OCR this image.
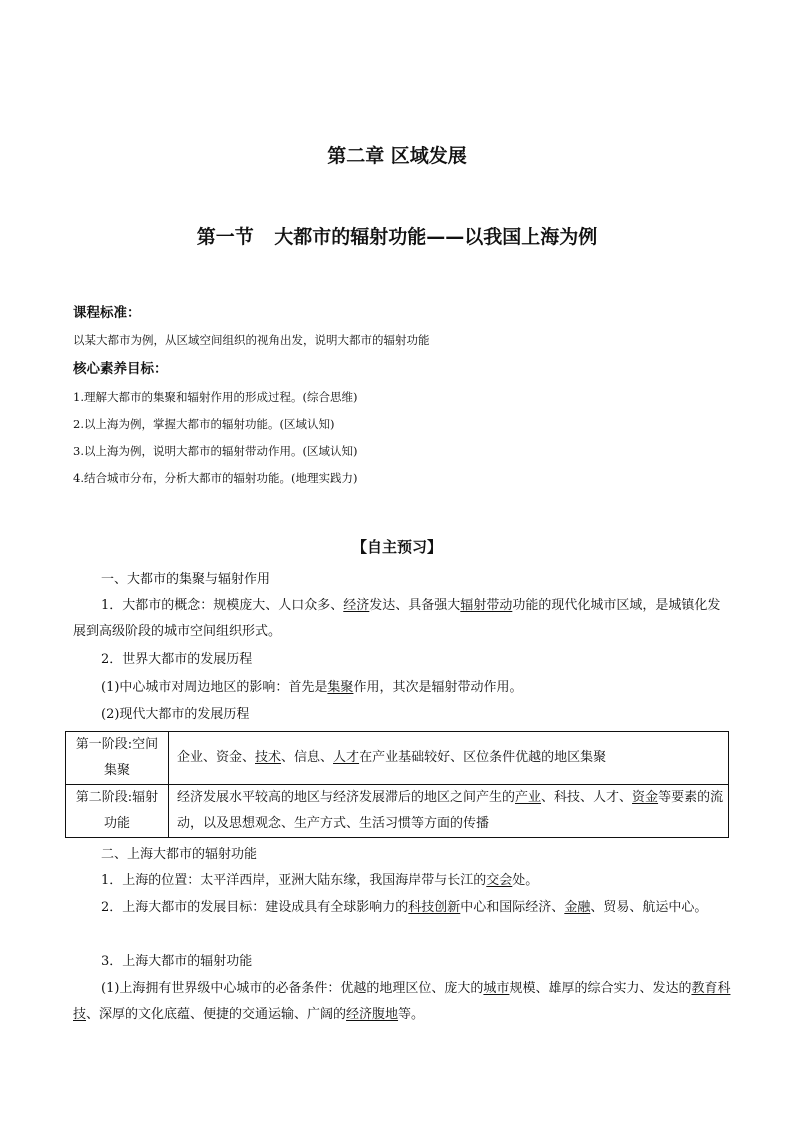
第二章 区域发展
第一节 大都市的辐射功能——以我国上海为例
课程标准：
以某大都市为例，从区域空间组织的视角出发，说明大都市的辐射功能
核心素养目标：
1.理解大都市的集聚和辐射作用的形成过程。(综合思维)
2.以上海为例，掌握大都市的辐射功能。(区域认知)
3.以上海为例，说明大都市的辐射带动作用。(区域认知)
4.结合城市分布，分析大都市的辐射功能。(地理实践力)
【自主预习】
一、大都市的集聚与辐射作用
1．大都市的概念：规模庞大、人口众多、经济发达、具备强大辐射带动功能的现代化城市区域，是城镇化发展到高级阶段的城市空间组织形式。
2．世界大都市的发展历程
(1)中心城市对周边地区的影响：首先是集聚作用，其次是辐射带动作用。
(2)现代大都市的发展历程
第一阶段:空间集聚	企业、资金、技术、信息、人才在产业基础较好、区位条件优越的地区集聚
第二阶段:辐射功能	经济发展水平较高的地区与经济发展滞后的地区之间产生的产业、科技、人才、资金等要素的流动，以及思想观念、生产方式、生活习惯等方面的传播
二、上海大都市的辐射功能
1．上海的位置：太平洋西岸，亚洲大陆东缘，我国海岸带与长江的交会处。
2．上海大都市的发展目标：建设成具有全球影响力的科技创新中心和国际经济、金融、贸易、航运中心。
3．上海大都市的辐射功能
(1)上海拥有世界级中心城市的必备条件：优越的地理区位、庞大的城市规模、雄厚的综合实力、发达的教育科技、深厚的文化底蕴、便捷的交通运输、广阔的经济腹地等。
